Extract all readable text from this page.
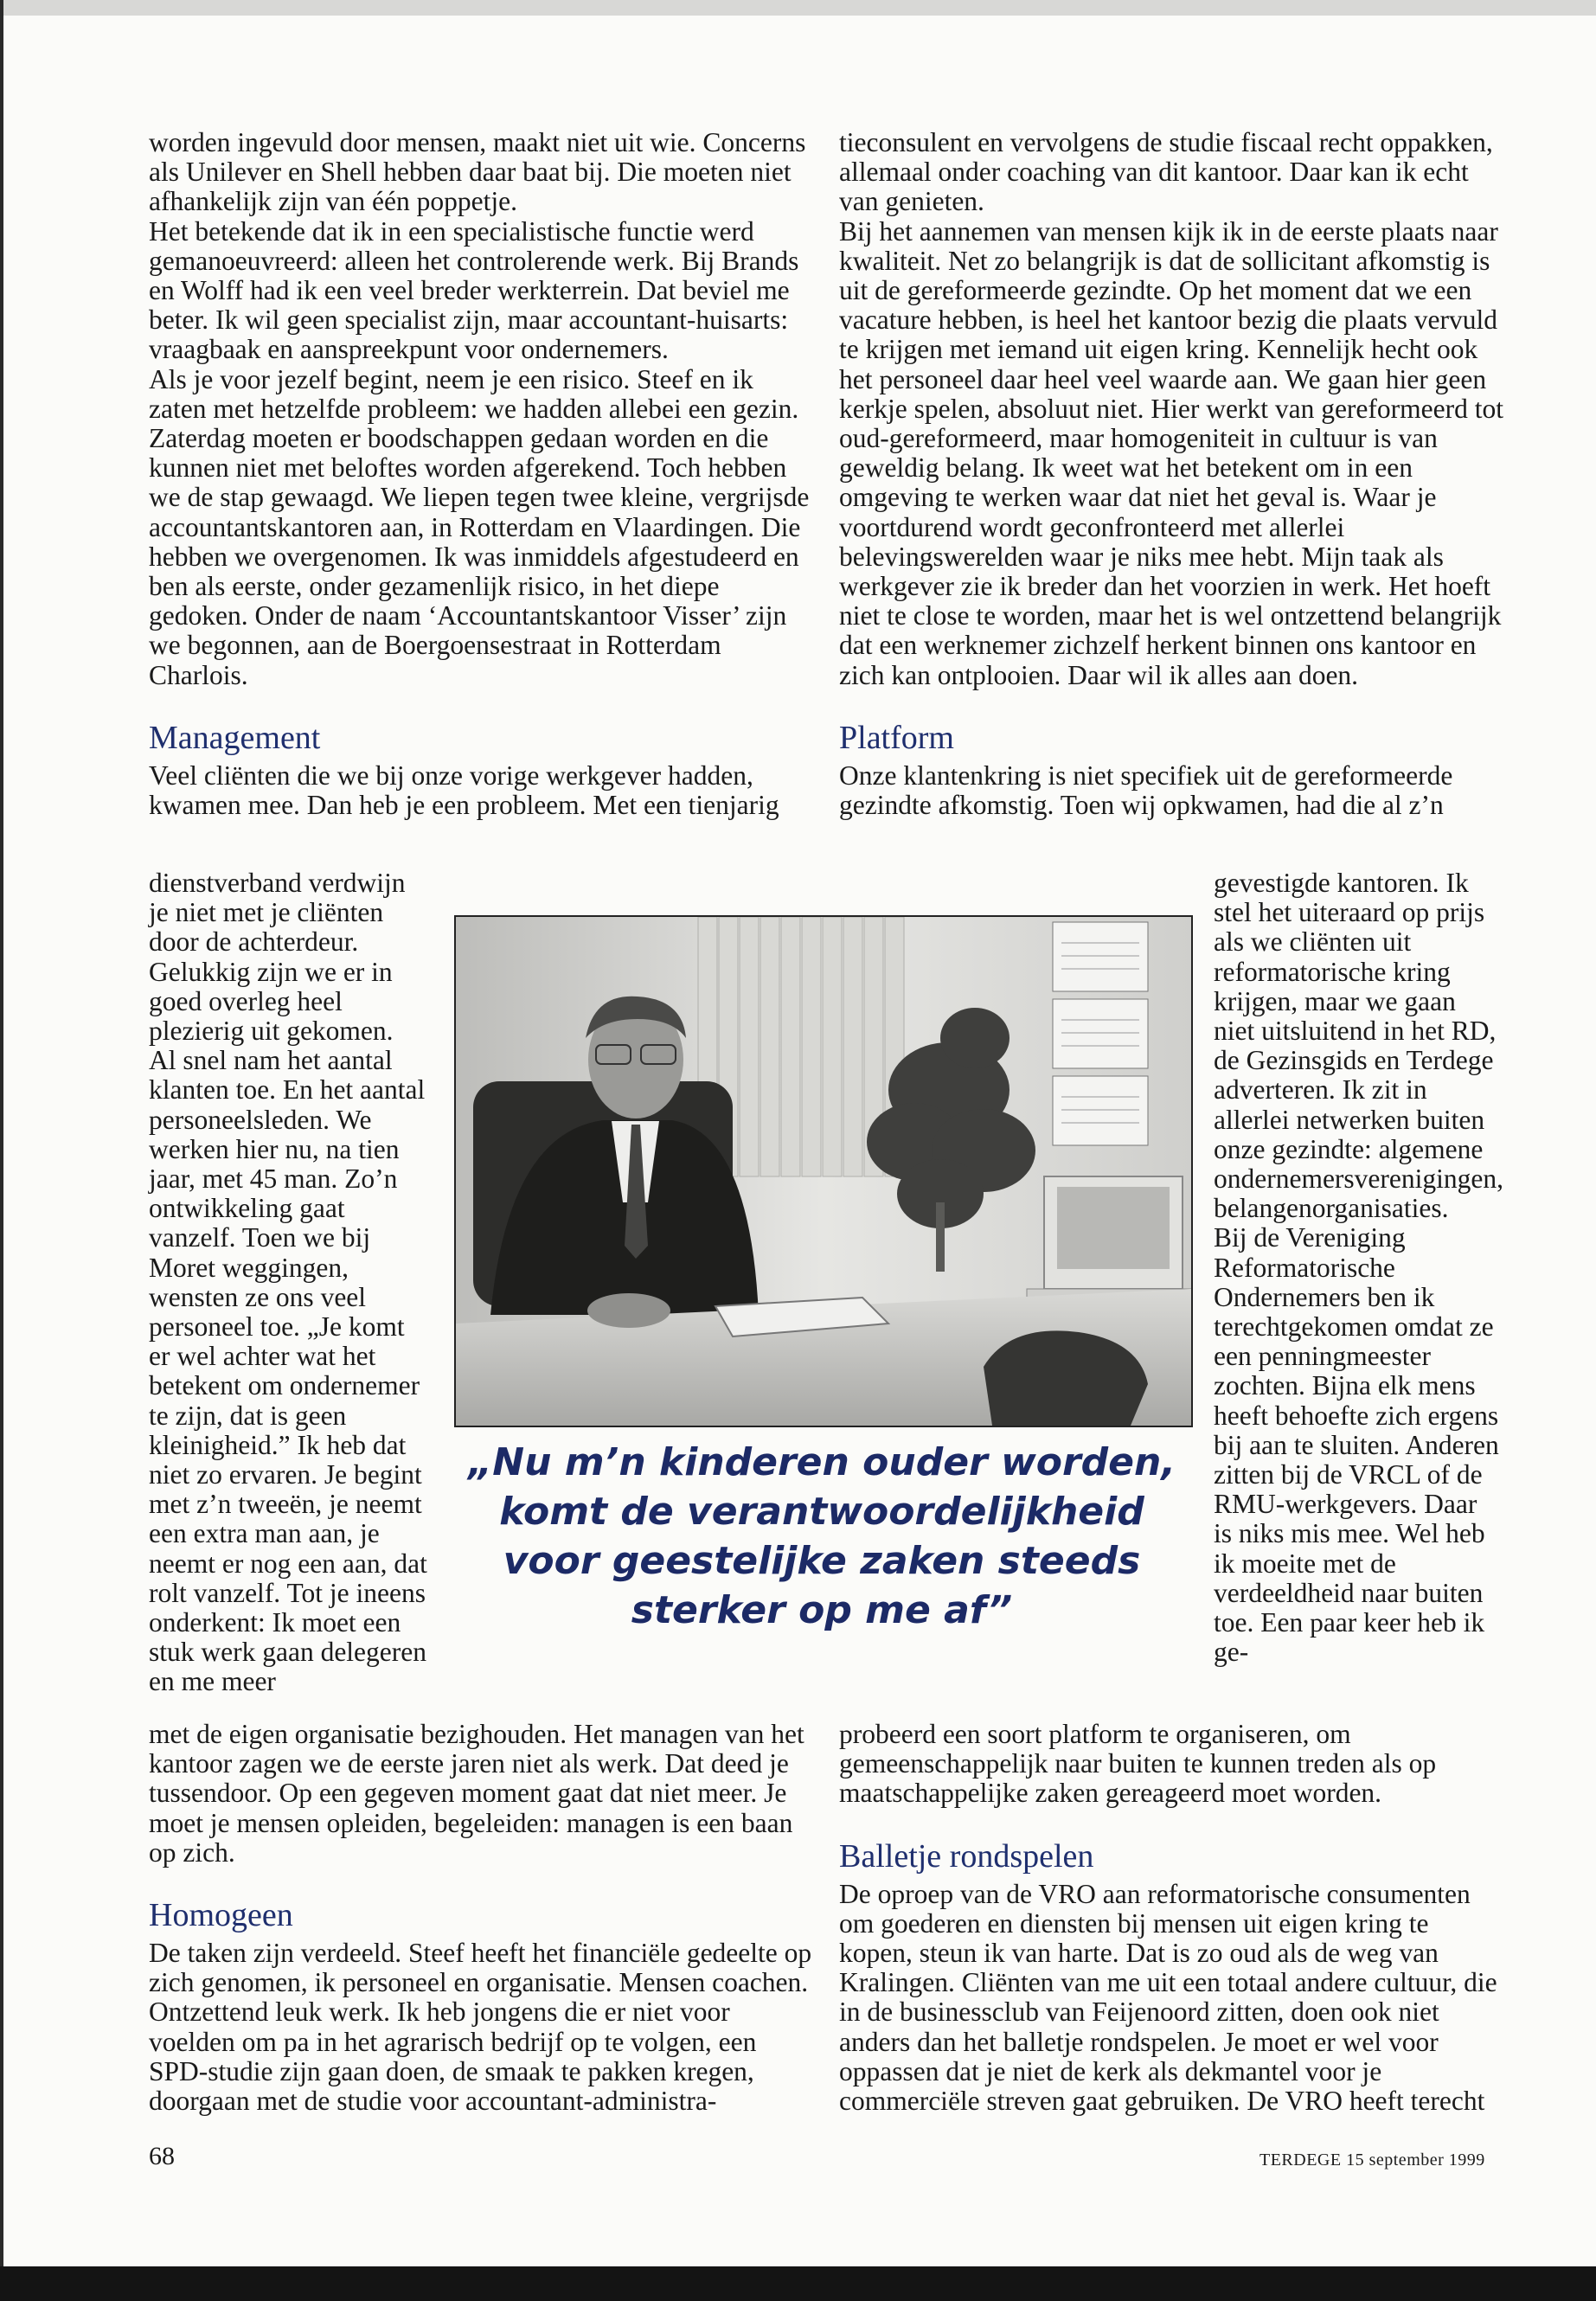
worden ingevuld door mensen, maakt niet uit wie. Concerns als Unilever en Shell hebben daar baat bij. Die moeten niet afhankelijk zijn van één poppetje.

Het betekende dat ik in een specialistische functie werd gemanoeuvreerd: alleen het controlerende werk. Bij Brands en Wolff had ik een veel breder werkterrein. Dat beviel me beter. Ik wil geen specialist zijn, maar accountant-huisarts: vraagbaak en aanspreekpunt voor ondernemers.

Als je voor jezelf begint, neem je een risico. Steef en ik zaten met hetzelfde probleem: we hadden allebei een gezin. Zaterdag moeten er boodschappen gedaan worden en die kunnen niet met beloftes worden afgerekend. Toch hebben we de stap gewaagd. We liepen tegen twee kleine, vergrijsde accountantskantoren aan, in Rotterdam en Vlaardingen. Die hebben we overgenomen. Ik was inmiddels afgestudeerd en ben als eerste, onder gezamenlijk risico, in het diepe gedoken. Onder de naam ‘Accountantskantoor Visser’ zijn we begonnen, aan de Boergoensestraat in Rotterdam Charlois.

Management

Veel cliënten die we bij onze vorige werkgever hadden, kwamen mee. Dan heb je een probleem. Met een tienjarig

tieconsulent en vervolgens de studie fiscaal recht oppakken, allemaal onder coaching van dit kantoor. Daar kan ik echt van genieten.

Bij het aannemen van mensen kijk ik in de eerste plaats naar kwaliteit. Net zo belangrijk is dat de sollicitant afkomstig is uit de gereformeerde gezindte. Op het moment dat we een vacature hebben, is heel het kantoor bezig die plaats vervuld te krijgen met iemand uit eigen kring. Kennelijk hecht ook het personeel daar heel veel waarde aan. We gaan hier geen kerkje spelen, absoluut niet. Hier werkt van gereformeerd tot oud-gereformeerd, maar homogeniteit in cultuur is van geweldig belang. Ik weet wat het betekent om in een omgeving te werken waar dat niet het geval is. Waar je voortdurend wordt geconfronteerd met allerlei belevingswerelden waar je niks mee hebt. Mijn taak als werkgever zie ik breder dan het voorzien in werk. Het hoeft niet te close te worden, maar het is wel ontzettend belangrijk dat een werknemer zichzelf herkent binnen ons kantoor en zich kan ontplooien. Daar wil ik alles aan doen.

Platform

Onze klantenkring is niet specifiek uit de gereformeerde gezindte afkomstig. Toen wij opkwamen, had die al z’n

dienstverband verdwijn je niet met je cliënten door de achterdeur. Gelukkig zijn we er in goed overleg heel plezierig uit gekomen.

Al snel nam het aantal klanten toe. En het aantal personeelsleden. We werken hier nu, na tien jaar, met 45 man. Zo’n ontwikkeling gaat vanzelf. Toen we bij Moret weggingen, wensten ze ons veel personeel toe. „Je komt er wel achter wat het betekent om ondernemer te zijn, dat is geen kleinigheid.” Ik heb dat niet zo ervaren. Je begint met z’n tweeën, je neemt een extra man aan, je neemt er nog een aan, dat rolt vanzelf. Tot je ineens onderkent: Ik moet een stuk werk gaan delegeren en me meer

gevestigde kantoren. Ik stel het uiteraard op prijs als we cliënten uit reformatorische kring krijgen, maar we gaan niet uitsluitend in het RD, de Gezinsgids en Terdege adverteren. Ik zit in allerlei netwerken buiten onze gezindte: algemene ondernemersverenigingen, belangenorganisaties.

Bij de Vereniging Reformatorische Ondernemers ben ik terechtgekomen omdat ze een penningmeester zochten. Bijna elk mens heeft behoefte zich ergens bij aan te sluiten. Anderen zitten bij de VRCL of de RMU-werkgevers. Daar is niks mis mee. Wel heb ik moeite met de verdeeldheid naar buiten toe. Een paar keer heb ik ge-

„Nu m’n kinderen ouder worden,
komt de verantwoordelijkheid
voor geestelijke zaken steeds
sterker op me af”

met de eigen organisatie bezighouden. Het managen van het kantoor zagen we de eerste jaren niet als werk. Dat deed je tussendoor. Op een gegeven moment gaat dat niet meer. Je moet je mensen opleiden, begeleiden: managen is een baan op zich.

Homogeen

De taken zijn verdeeld. Steef heeft het financiële gedeelte op zich genomen, ik personeel en organisatie. Mensen coachen. Ontzettend leuk werk. Ik heb jongens die er niet voor voelden om pa in het agrarisch bedrijf op te volgen, een SPD-studie zijn gaan doen, de smaak te pakken kregen, doorgaan met de studie voor accountant-administra-

probeerd een soort platform te organiseren, om gemeenschappelijk naar buiten te kunnen treden als op maatschappelijke zaken gereageerd moet worden.

Balletje rondspelen

De oproep van de VRO aan reformatorische consumenten om goederen en diensten bij mensen uit eigen kring te kopen, steun ik van harte. Dat is zo oud als de weg van Kralingen. Cliënten van me uit een totaal andere cultuur, die in de businessclub van Feijenoord zitten, doen ook niet anders dan het balletje rondspelen. Je moet er wel voor oppassen dat je niet de kerk als dekmantel voor je commerciële streven gaat gebruiken. De VRO heeft terecht

68	TERDEGE 15 september 1999
